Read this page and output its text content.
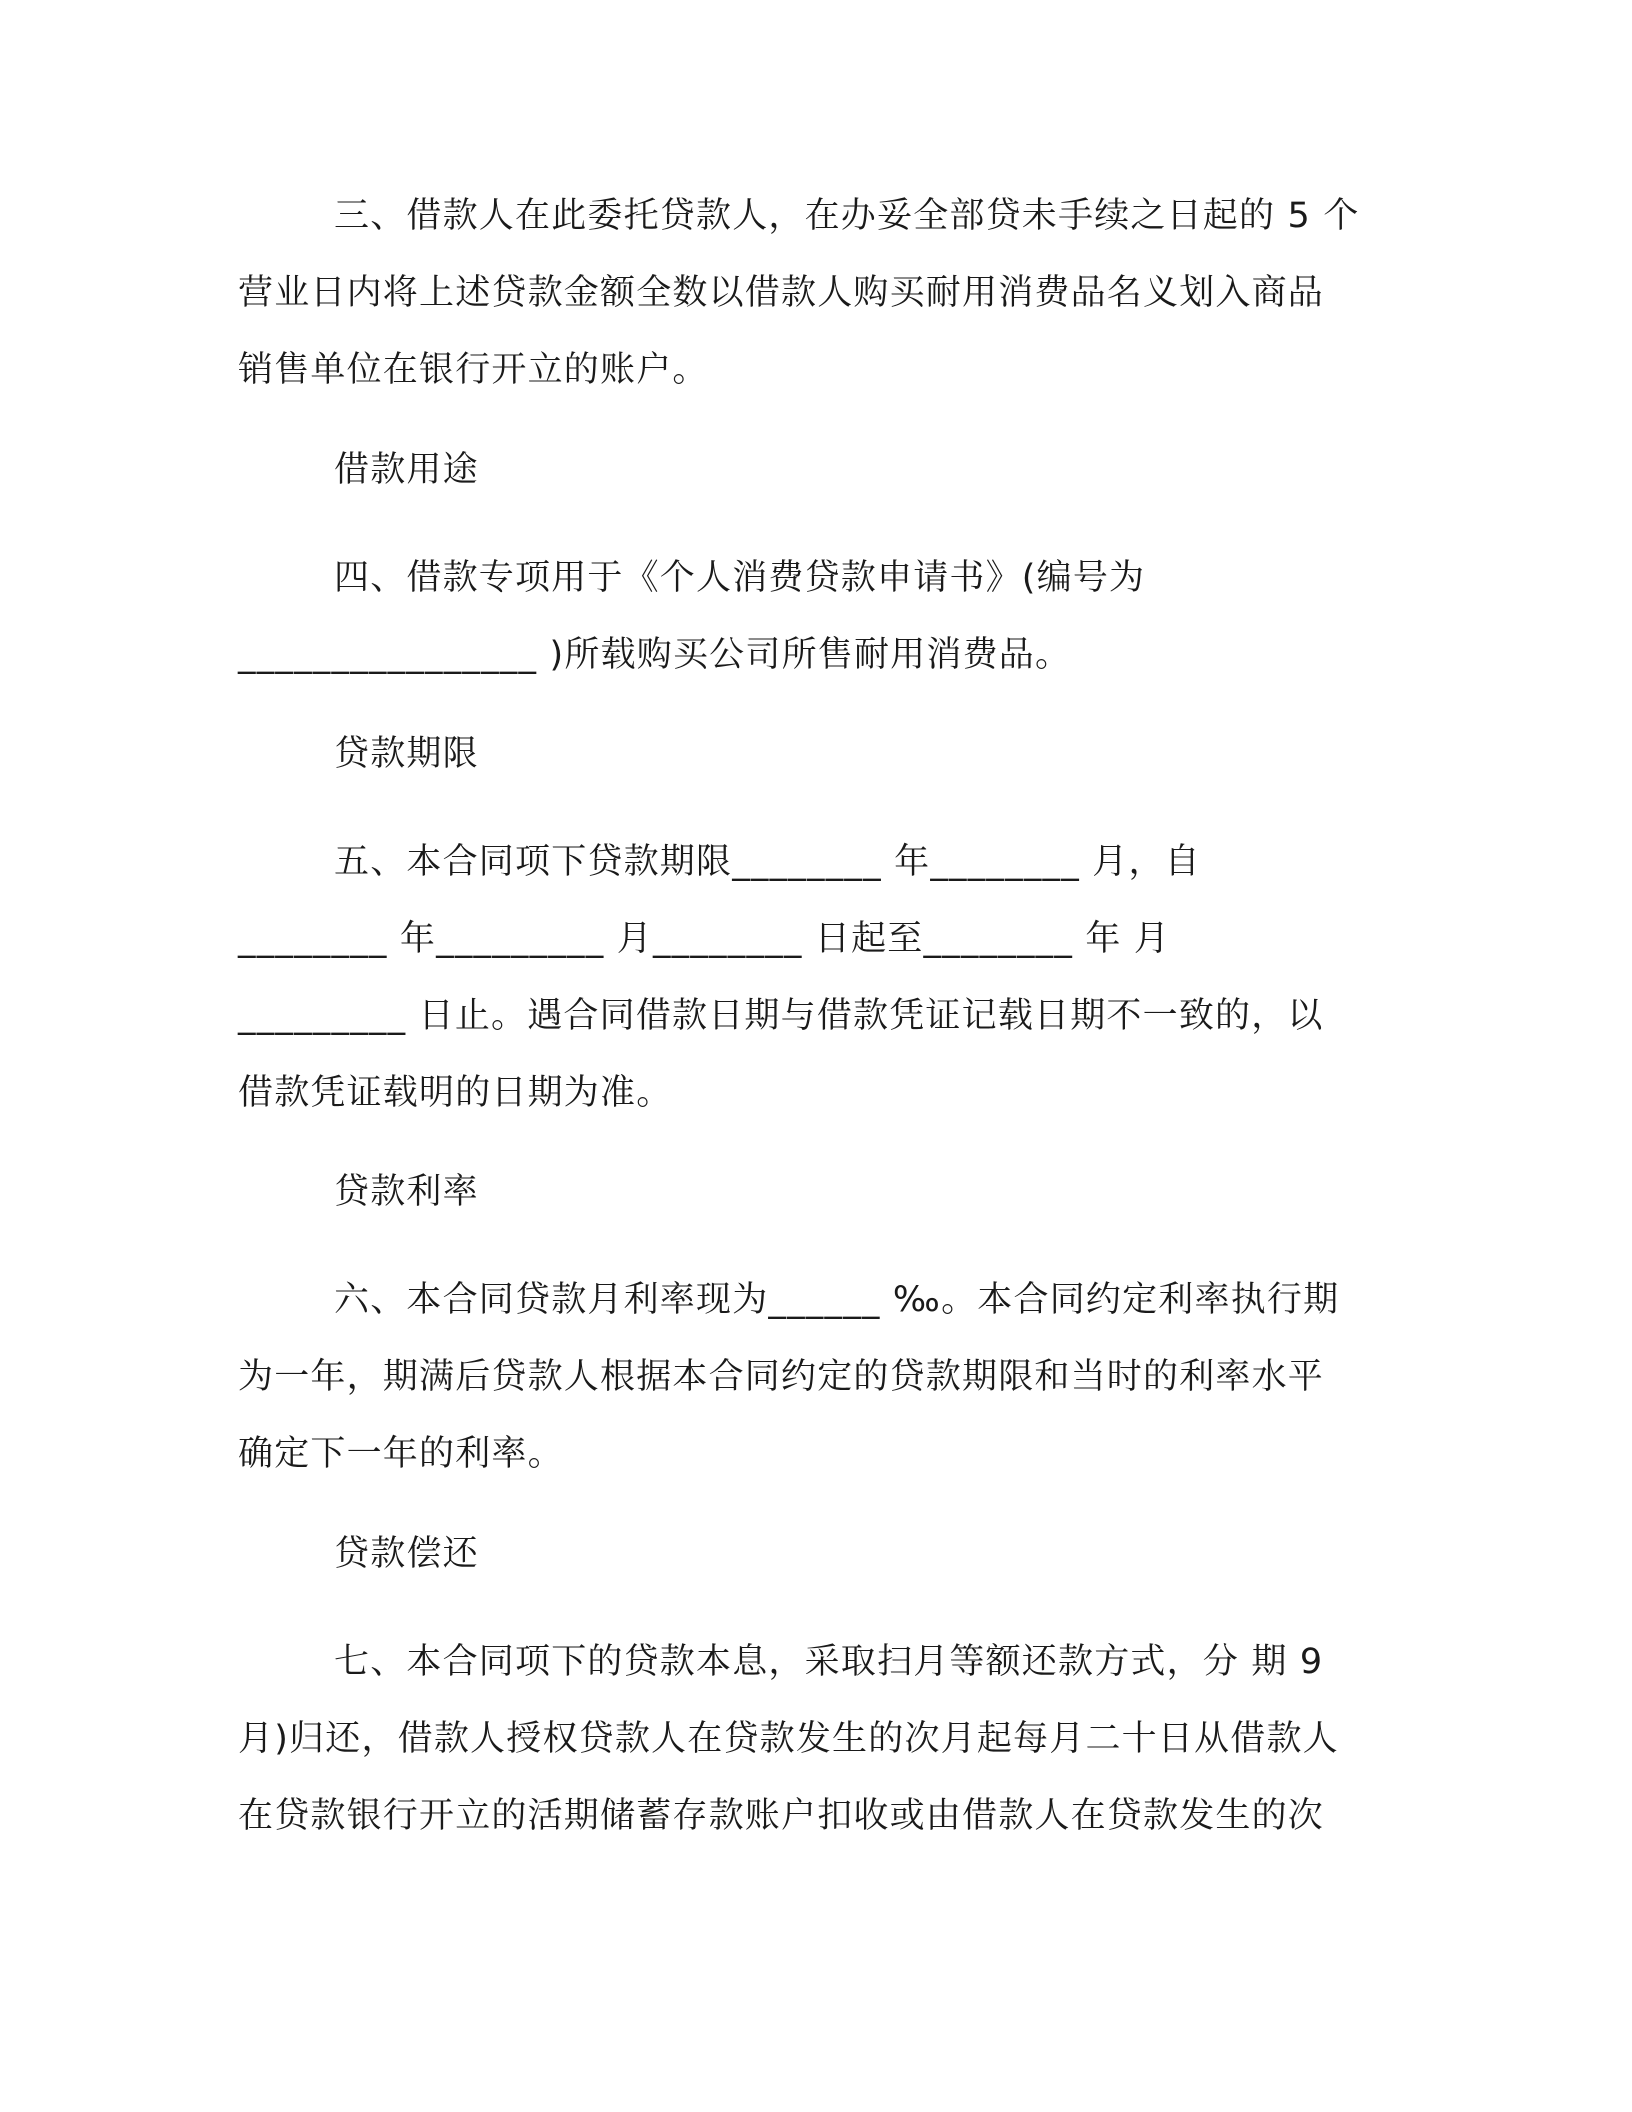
三、借款人在此委托贷款人，在办妥全部贷未手续之日起的 5 个
营业日内将上述贷款金额全数以借款人购买耐用消费品名义划入商品
销售单位在银行开立的账户。
借款用途
四、借款专项用于《个人消费贷款申请书》(编号为
________________ )所载购买公司所售耐用消费品。
贷款期限
五、本合同项下贷款期限________ 年________ 月，自
________ 年_________ 月________ 日起至________ 年 月
_________ 日止。遇合同借款日期与借款凭证记载日期不一致的，以
借款凭证载明的日期为准。
贷款利率
六、本合同贷款月利率现为______ ‰。本合同约定利率执行期
为一年，期满后贷款人根据本合同约定的贷款期限和当时的利率水平
确定下一年的利率。
贷款偿还
七、本合同项下的贷款本息，采取扫月等额还款方式，分 期 9
月)归还，借款人授权贷款人在贷款发生的次月起每月二十日从借款人
在贷款银行开立的活期储蓄存款账户扣收或由借款人在贷款发生的次
